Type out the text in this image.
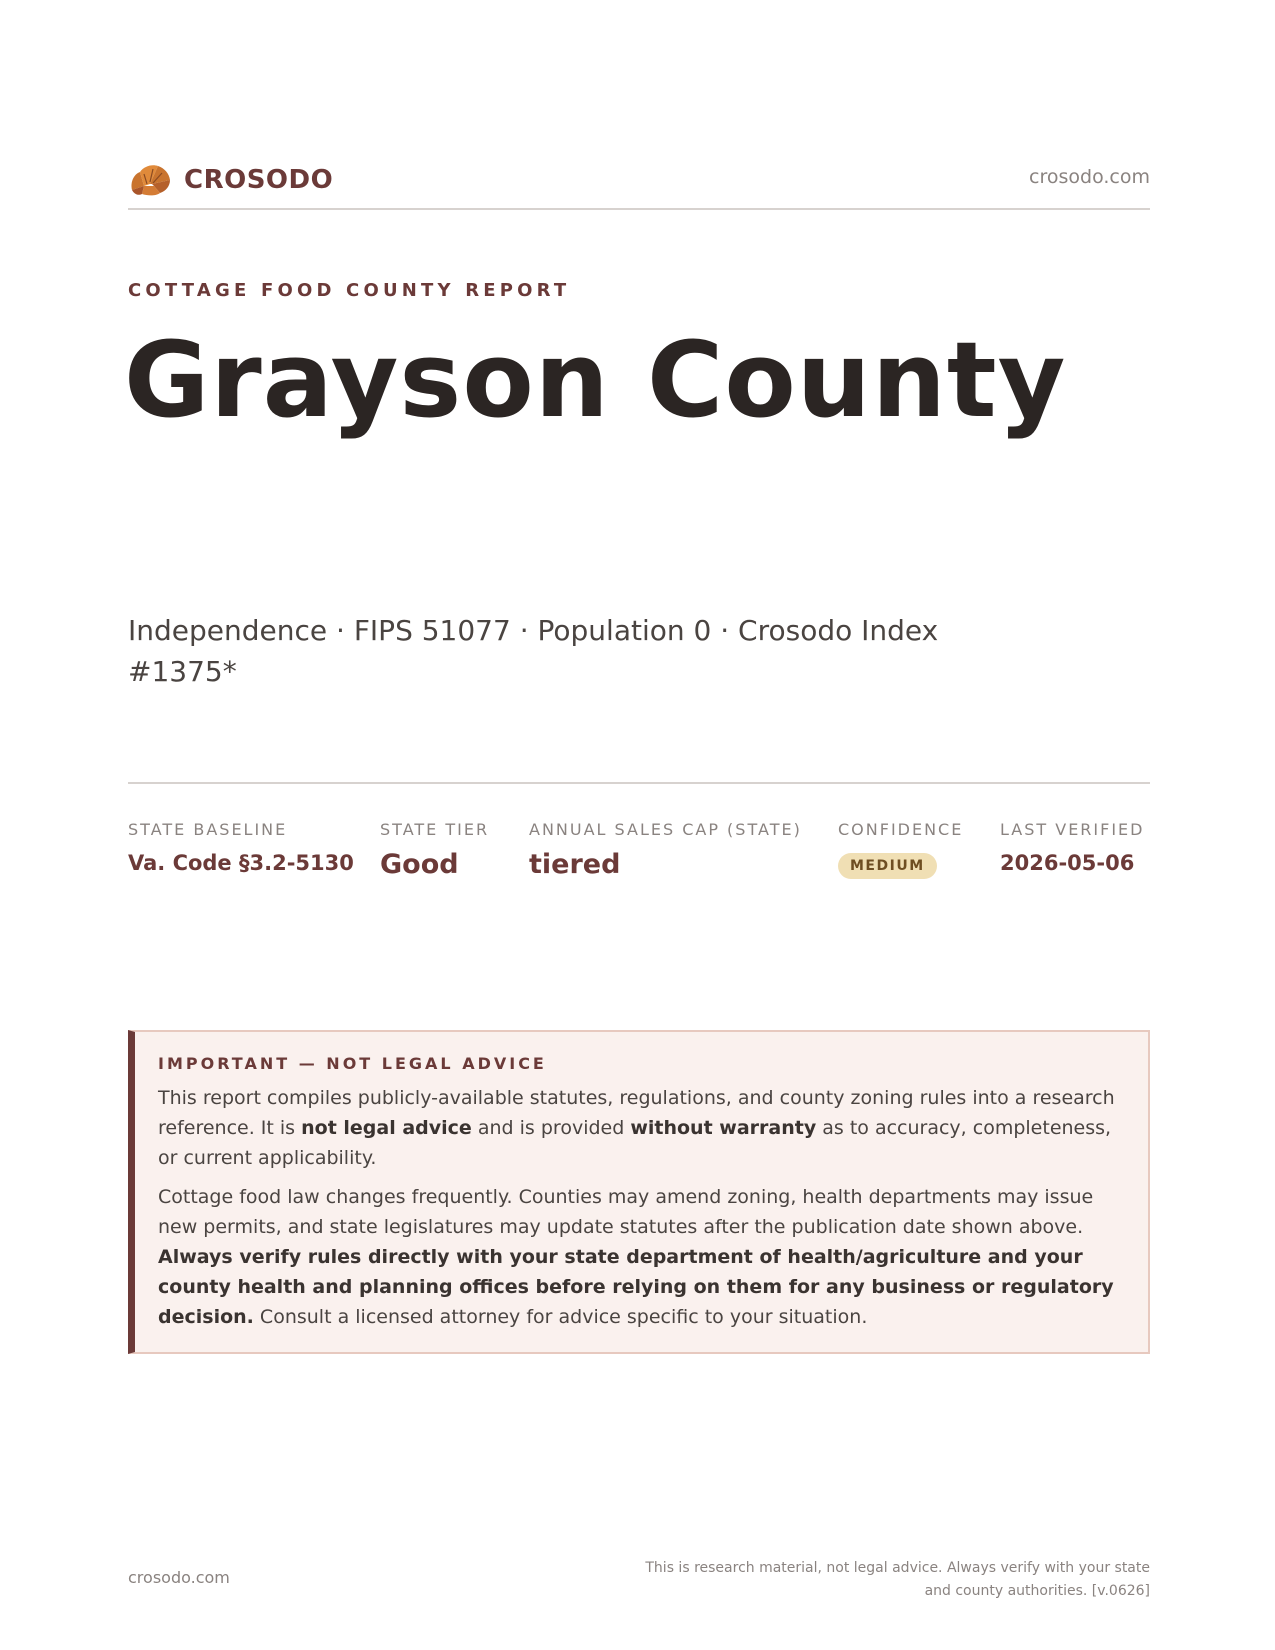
CROSODO	crosodo.com
COTTAGE FOOD COUNTY REPORT
Grayson County
Independence · FIPS 51077 · Population 0 · Crosodo Index #1375*
STATE BASELINE
Va. Code §3.2-5130
STATE TIER
Good
ANNUAL SALES CAP (STATE)
tiered
CONFIDENCE
MEDIUM
LAST VERIFIED
2026-05-06
IMPORTANT — NOT LEGAL ADVICE

This report compiles publicly-available statutes, regulations, and county zoning rules into a research reference. It is not legal advice and is provided without warranty as to accuracy, completeness, or current applicability.

Cottage food law changes frequently. Counties may amend zoning, health departments may issue new permits, and state legislatures may update statutes after the publication date shown above. Always verify rules directly with your state department of health/agriculture and your county health and planning offices before relying on them for any business or regulatory decision. Consult a licensed attorney for advice specific to your situation.

crosodo.com	This is research material, not legal advice. Always verify with your state
and county authorities. [v.0626]
